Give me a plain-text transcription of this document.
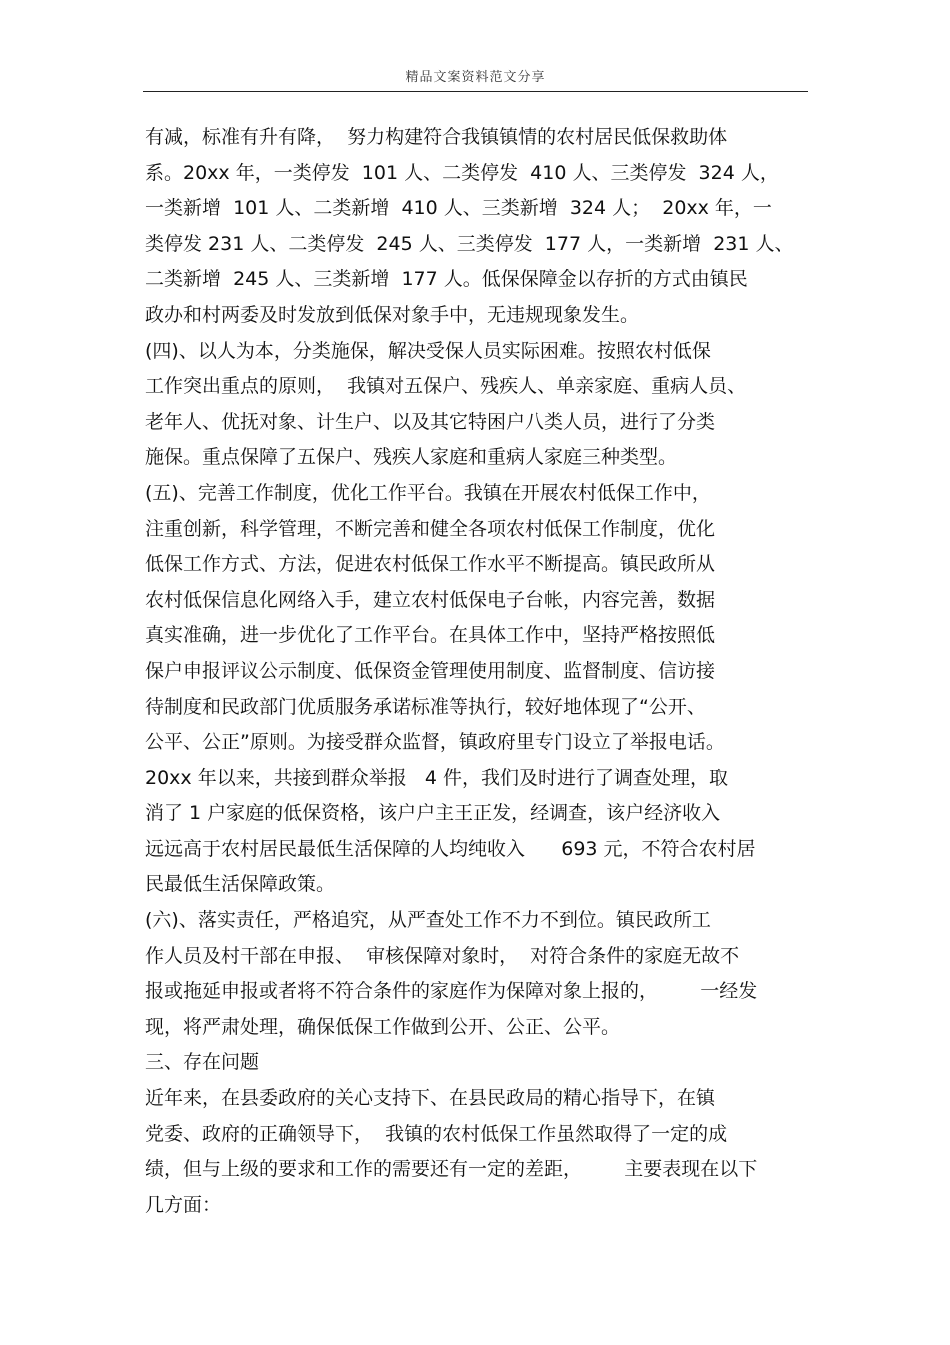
精品文案资料范文分享
有减，标准有升有降，  努力构建符合我镇镇情的农村居民低保救助体
系。20xx 年，一类停发  101 人、二类停发  410 人、三类停发  324 人，
一类新增  101 人、二类新增  410 人、三类新增  324 人；  20xx 年，一
类停发 231 人、二类停发  245 人、三类停发  177 人，一类新增  231 人、
二类新增  245 人、三类新增  177 人。低保保障金以存折的方式由镇民
政办和村两委及时发放到低保对象手中，无违规现象发生。
(四)、以人为本，分类施保，解决受保人员实际困难。按照农村低保
工作突出重点的原则，  我镇对五保户、残疾人、单亲家庭、重病人员、
老年人、优抚对象、计生户、以及其它特困户八类人员，进行了分类
施保。重点保障了五保户、残疾人家庭和重病人家庭三种类型。
(五)、完善工作制度，优化工作平台。我镇在开展农村低保工作中，
注重创新，科学管理，不断完善和健全各项农村低保工作制度，优化
低保工作方式、方法，促进农村低保工作水平不断提高。镇民政所从
农村低保信息化网络入手，建立农村低保电子台帐，内容完善，数据
真实准确，进一步优化了工作平台。在具体工作中，坚持严格按照低
保户申报评议公示制度、低保资金管理使用制度、监督制度、信访接
待制度和民政部门优质服务承诺标准等执行，较好地体现了“公开、
公平、公正”原则。为接受群众监督，镇政府里专门设立了举报电话。
20xx 年以来，共接到群众举报   4 件，我们及时进行了调查处理，取
消了 1 户家庭的低保资格，该户户主王正发，经调查，该户经济收入
远远高于农村居民最低生活保障的人均纯收入      693 元，不符合农村居
民最低生活保障政策。
(六)、落实责任，严格追究，从严查处工作不力不到位。镇民政所工
作人员及村干部在申报、  审核保障对象时，  对符合条件的家庭无故不
报或拖延申报或者将不符合条件的家庭作为保障对象上报的，       一经发
现，将严肃处理，确保低保工作做到公开、公正、公平。
三、存在问题
近年来，在县委政府的关心支持下、在县民政局的精心指导下，在镇
党委、政府的正确领导下，  我镇的农村低保工作虽然取得了一定的成
绩，但与上级的要求和工作的需要还有一定的差距，       主要表现在以下
几方面：
